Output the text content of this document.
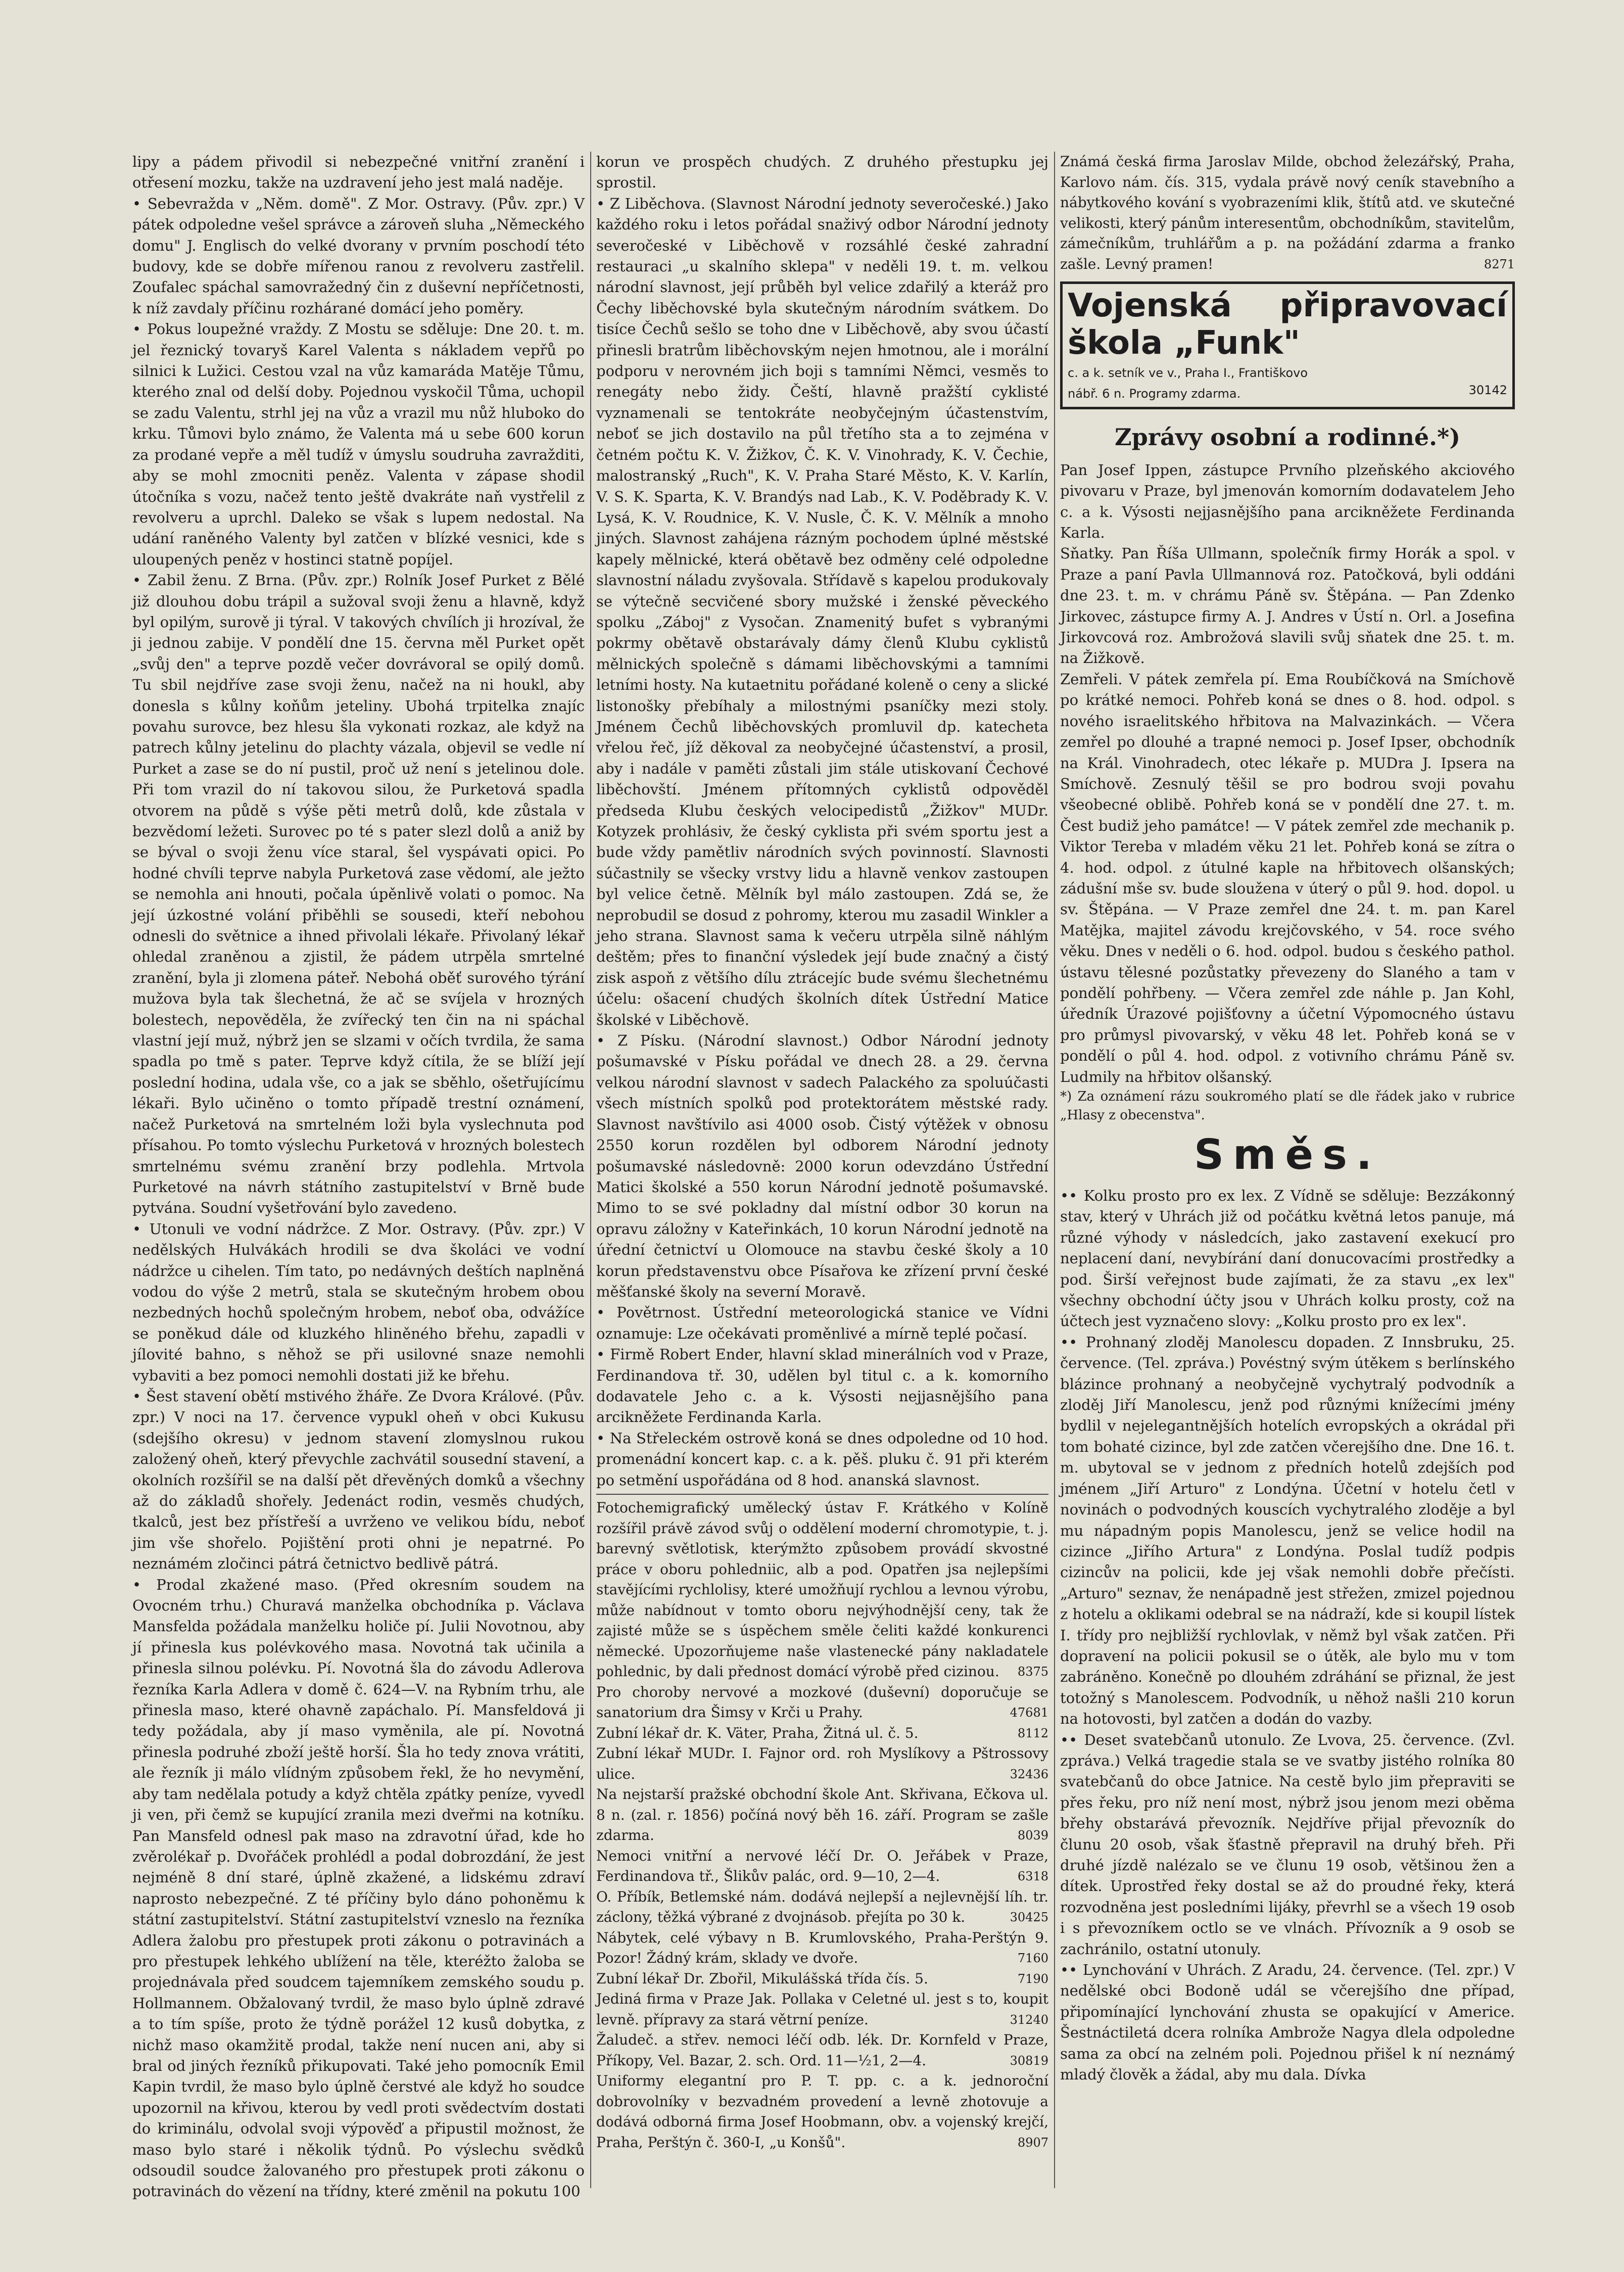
lipy a pádem přivodil si nebezpečné vnitřní zranění i otřesení mozku, takže na uzdravení jeho jest malá naděje.

• Sebevražda v „Něm. domě". Z Mor. Ostravy. (Pův. zpr.) V pátek odpoledne vešel správce a zároveň sluha „Německého domu" J. Englisch do velké dvorany v prvním poschodí této budovy, kde se dobře mířenou ranou z revolveru zastřelil. Zoufalec spáchal samovražedný čin z duševní nepříčetnosti, k níž zavdaly příčinu rozhárané domácí jeho poměry.

• Pokus loupežné vraždy. Z Mostu se sděluje: Dne 20. t. m. jel řeznický tovaryš Karel Valenta s nákladem vepřů po silnici k Lužici. Cestou vzal na vůz kamaráda Matěje Tůmu, kterého znal od delší doby. Pojednou vyskočil Tůma, uchopil se zadu Valentu, strhl jej na vůz a vrazil mu nůž hluboko do krku. Tůmovi bylo známo, že Valenta má u sebe 600 korun za prodané vepře a měl tudíž v úmyslu soudruha zavražditi, aby se mohl zmocniti peněz. Valenta v zápase shodil útočníka s vozu, načež tento ještě dvakráte naň vystřelil z revolveru a uprchl. Daleko se však s lupem nedostal. Na udání raněného Valenty byl zatčen v blízké vesnici, kde s uloupených peněz v hostinci statně popíjel.

• Zabil ženu. Z Brna. (Pův. zpr.) Rolník Josef Purket z Bělé již dlouhou dobu trápil a sužoval svoji ženu a hlavně, když byl opilým, surově ji týral. V takových chvílích ji hrozíval, že ji jednou zabije. V pondělí dne 15. června měl Purket opět „svůj den" a teprve pozdě večer dovrávoral se opilý domů. Tu sbil nejdříve zase svoji ženu, načež na ni houkl, aby donesla s kůlny koňům jeteliny. Ubohá trpitelka znajíc povahu surovce, bez hlesu šla vykonati rozkaz, ale když na patrech kůlny jetelinu do plachty vázala, objevil se vedle ní Purket a zase se do ní pustil, proč už není s jetelinou dole. Při tom vrazil do ní takovou silou, že Purketová spadla otvorem na půdě s výše pěti metrů dolů, kde zůstala v bezvědomí ležeti. Surovec po té s pater slezl dolů a aniž by se býval o svoji ženu více staral, šel vyspávati opici. Po hodné chvíli teprve nabyla Purketová zase vědomí, ale ježto se nemohla ani hnouti, počala úpěnlivě volati o pomoc. Na její úzkostné volání přiběhli se sousedi, kteří nebohou odnesli do světnice a ihned přivolali lékaře. Přivolaný lékař ohledal zraněnou a zjistil, že pádem utrpěla smrtelné zranění, byla ji zlomena páteř. Nebohá oběť surového týrání mužova byla tak šlechetná, že ač se svíjela v hrozných bolestech, nepověděla, že zvířecký ten čin na ni spáchal vlastní její muž, nýbrž jen se slzami v očích tvrdila, že sama spadla po tmě s pater. Teprve když cítila, že se blíží její poslední hodina, udala vše, co a jak se sběhlo, ošetřujícímu lékaři. Bylo učiněno o tomto případě trestní oznámení, načež Purketová na smrtelném loži byla vyslechnuta pod přísahou. Po tomto výslechu Purketová v hrozných bolestech smrtelnému svému zranění brzy podlehla. Mrtvola Purketové na návrh státního zastupitelství v Brně bude pytvána. Soudní vyšetřování bylo zavedeno.

• Utonuli ve vodní nádržce. Z Mor. Ostravy. (Pův. zpr.) V nedělských Hulvákách hrodili se dva školáci ve vodní nádržce u cihelen. Tím tato, po nedávných deštích naplněná vodou do výše 2 metrů, stala se skutečným hrobem obou nezbedných hochů společným hrobem, neboť oba, odvážíce se poněkud dále od kluzkého hliněného břehu, zapadli v jílovité bahno, s něhož se při usilovné snaze nemohli vybaviti a bez pomoci nemohli dostati již ke břehu.

• Šest stavení obětí mstivého žháře. Ze Dvora Králové. (Pův. zpr.) V noci na 17. července vypukl oheň v obci Kukusu (sdejšího okresu) v jednom stavení zlomyslnou rukou založený oheň, který převychle zachvátil sousední stavení, a okolních rozšířil se na další pět dřevěných domků a všechny až do základů shořely. Jedenáct rodin, vesměs chudých, tkalců, jest bez přístřeší a uvrženo ve velikou bídu, neboť jim vše shořelo. Pojištění proti ohni je nepatrné. Po neznámém zločinci pátrá četnictvo bedlivě pátrá.

• Prodal zkažené maso. (Před okresním soudem na Ovocném trhu.) Churavá manželka obchodníka p. Václava Mansfelda požádala manželku holiče pí. Julii Novotnou, aby jí přinesla kus polévkového masa. Novotná tak učinila a přinesla silnou polévku. Pí. Novotná šla do závodu Adlerova řezníka Karla Adlera v domě č. 624—V. na Rybním trhu, ale přinesla maso, které ohavně zapáchalo. Pí. Mansfeldová ji tedy požádala, aby jí maso vyměnila, ale pí. Novotná přinesla podruhé zboží ještě horší. Šla ho tedy znova vrátiti, ale řezník ji málo vlídným způsobem řekl, že ho nevymění, aby tam nedělala potudy a když chtěla zpátky peníze, vyvedl ji ven, při čemž se kupující zranila mezi dveřmi na kotníku. Pan Mansfeld odnesl pak maso na zdravotní úřad, kde ho zvěrolékař p. Dvořáček prohlédl a podal dobrozdání, že jest nejméně 8 dní staré, úplně zkažené, a lidskému zdraví naprosto nebezpečné. Z té příčiny bylo dáno pohoněmu k státní zastupitelství. Státní zastupitelství vzneslo na řezníka Adlera žalobu pro přestupek proti zákonu o potravinách a pro přestupek lehkého ublížení na těle, kteréžto žaloba se projednávala před soudcem tajemníkem zemského soudu p. Hollmannem. Obžalovaný tvrdil, že maso bylo úplně zdravé a to tím spíše, proto že týdně porážel 12 kusů dobytka, z nichž maso okamžitě prodal, takže není nucen ani, aby si bral od jiných řezníků přikupovati. Také jeho pomocník Emil Kapin tvrdil, že maso bylo úplně čerstvé ale když ho soudce upozornil na křivou, kterou by vedl proti svědectvím dostati do kriminálu, odvolal svoji výpověď a připustil možnost, že maso bylo staré i několik týdnů. Po výslechu svědků odsoudil soudce žalovaného pro přestupek proti zákonu o potravinách do vězení na třídny, které změnil na pokutu 100

korun ve prospěch chudých. Z druhého přestupku jej sprostil.

• Z Liběchova. (Slavnost Národní jednoty severočeské.) Jako každého roku i letos pořádal snaživý odbor Národní jednoty severočeské v Liběchově v rozsáhlé české zahradní restauraci „u skalního sklepa" v neděli 19. t. m. velkou národní slavnost, její průběh byl velice zdařilý a kteráž pro Čechy liběchovské byla skutečným národním svátkem. Do tisíce Čechů sešlo se toho dne v Liběchově, aby svou účastí přinesli bratrům liběchovským nejen hmotnou, ale i morální podporu v nerovném jich boji s tamními Němci, vesměs to renegáty nebo židy. Čeští, hlavně pražští cyklisté vyznamenali se tentokráte neobyčejným účastenstvím, neboť se jich dostavilo na půl třetího sta a to zejména v četném počtu K. V. Žižkov, Č. K. V. Vinohrady, K. V. Čechie, malostranský „Ruch", K. V. Praha Staré Město, K. V. Karlín, V. S. K. Sparta, K. V. Brandýs nad Lab., K. V. Poděbrady K. V. Lysá, K. V. Roudnice, K. V. Nusle, Č. K. V. Mělník a mnoho jiných. Slavnost zahájena rázným pochodem úplné městské kapely mělnické, která obětavě bez odměny celé odpoledne slavnostní náladu zvyšovala. Střídavě s kapelou produkovaly se výtečně secvičené sbory mužské i ženské pěveckého spolku „Záboj" z Vysočan. Znamenitý bufet s vybranými pokrmy obětavě obstarávaly dámy členů Klubu cyklistů mělnických společně s dámami liběchovskými a tamními letními hosty. Na kutaetnitu pořádané koleně o ceny a slické listonošky přebíhaly a milostnými psaníčky mezi stoly. Jménem Čechů liběchovských promluvil dp. katecheta vřelou řeč, jíž děkoval za neobyčejné účastenství, a prosil, aby i nadále v paměti zůstali jim stále utiskovaní Čechové liběchovští. Jménem přítomných cyklistů odpověděl předseda Klubu českých velocipedistů „Žižkov" MUDr. Kotyzek prohlásiv, že český cyklista při svém sportu jest a bude vždy pamětliv národních svých povinností. Slavnosti súčastnily se všecky vrstvy lidu a hlavně venkov zastoupen byl velice četně. Mělník byl málo zastoupen. Zdá se, že neprobudil se dosud z pohromy, kterou mu zasadil Winkler a jeho strana. Slavnost sama k večeru utrpěla silně náhlým deštěm; přes to finanční výsledek její bude značný a čistý zisk aspoň z většího dílu ztrácejíc bude svému šlechetnému účelu: ošacení chudých školních dítek Ústřední Matice školské v Liběchově.

• Z Písku. (Národní slavnost.) Odbor Národní jednoty pošumavské v Písku pořádal ve dnech 28. a 29. června velkou národní slavnost v sadech Palackého za spoluúčasti všech místních spolků pod protektorátem městské rady. Slavnost navštívilo asi 4000 osob. Čistý výtěžek v obnosu 2550 korun rozdělen byl odborem Národní jednoty pošumavské následovně: 2000 korun odevzdáno Ústřední Matici školské a 550 korun Národní jednotě pošumavské. Mimo to se své pokladny dal místní odbor 30 korun na opravu záložny v Kateřinkách, 10 korun Národní jednotě na úřední četnictví u Olomouce na stavbu české školy a 10 korun představenstvu obce Písařova ke zřízení první české měšťanské školy na severní Moravě.

• Povětrnost. Ústřední meteorologická stanice ve Vídni oznamuje: Lze očekávati proměnlivé a mírně teplé počasí.

• Firmě Robert Ender, hlavní sklad minerálních vod v Praze, Ferdinandova tř. 30, udělen byl titul c. a k. komorního dodavatele Jeho c. a k. Výsosti nejjasnějšího pana arcikněžete Ferdinanda Karla.

• Na Střeleckém ostrově koná se dnes odpoledne od 10 hod. promenádní koncert kap. c. a k. pěš. pluku č. 91 při kterém po setmění uspořádána od 8 hod. ananská slavnost.

Fotochemigrafický umělecký ústav F. Krátkého v Kolíně rozšířil právě závod svůj o oddělení moderní chromotypie, t. j. barevný světlotisk, kterýmžto způsobem provádí skvostné práce v oboru pohledniic, alb a pod. Opatřen jsa nejlepšími stavějícími rychlolisy, které umožňují rychlou a levnou výrobu, může nabídnout v tomto oboru nejvýhodnější ceny, tak že zajisté může se s úspěchem směle čeliti každé konkurenci německé. Upozorňujeme naše vlastenecké pány nakladatele pohlednic, by dali přednost domácí výrobě před cizinou. 8375
Pro choroby nervové a mozkové (duševní) doporučuje se sanatorium dra Šimsy v Krči u Prahy.	47681
Zubní lékař dr. K. Väter, Praha, Žitná ul. č. 5.	8112
Zubní lékař MUDr. I. Fajnor ord. roh Myslíkovy a Pštrossovy ulice.	32436
Na nejstarší pražské obchodní škole Ant. Skřivana, Ečkova ul. 8 n. (zal. r. 1856) počíná nový běh 16. září. Program se zašle zdarma.	8039
Nemoci vnitřní a nervové léčí Dr. O. Jeřábek v Praze, Ferdinandova tř., Šlikův palác, ord. 9—10, 2—4.	6318
O. Příbík, Betlemské nám. dodává nejlepší a nejlevnější líh. tr. záclony, těžká výbrané z dvojnásob. přejíta po 30 k.	30425
Nábytek, celé výbavy n B. Krumlovského, Praha-Perštýn 9. Pozor! Žádný krám, sklady ve dvoře.	7160
Zubní lékař Dr. Zbořil, Mikulášská třída čís. 5.	7190
Jediná firma v Praze Jak. Pollaka v Celetné ul. jest s to, koupit levně. přípravy za stará větrní peníze.	31240
Žaludeč. a střev. nemoci léčí odb. lék. Dr. Kornfeld v Praze, Příkopy, Vel. Bazar, 2. sch. Ord. 11—½1, 2—4.	30819
Uniformy elegantní pro P. T. pp. c. a k. jednoroční dobrovolníky v bezvadném provedení a levně zhotovuje a dodává odborná firma Josef Hoobmann, obv. a vojenský krejčí, Praha, Perštýn č. 360-I, „u Konšů".	8907
Známá česká firma Jaroslav Milde, obchod železářský, Praha, Karlovo nám. čís. 315, vydala právě nový ceník stavebního a nábytkového kování s vyobrazeními klik, štítů atd. ve skutečné velikosti, který pánům interesentům, obchodníkům, stavitelům, zámečníkům, truhlářům a p. na požádání zdarma a franko zašle. Levný pramen!	8271
Vojenská připravovací škola „Funk"
c. a k. setník ve v., Praha I., Františkovo
nábř. 6 n. Programy zdarma.	30142
Zprávy osobní a rodinné.*)

Pan Josef Ippen, zástupce Prvního plzeňského akciového pivovaru v Praze, byl jmenován komorním dodavatelem Jeho c. a k. Výsosti nejjasnějšího pana arcikněžete Ferdinanda Karla.

Sňatky. Pan Říša Ullmann, společník firmy Horák a spol. v Praze a paní Pavla Ullmannová roz. Patočková, byli oddáni dne 23. t. m. v chrámu Páně sv. Štěpána. — Pan Zdenko Jirkovec, zástupce firmy A. J. Andres v Ústí n. Orl. a Josefina Jirkovcová roz. Ambrožová slavili svůj sňatek dne 25. t. m. na Žižkově.

Zemřeli. V pátek zemřela pí. Ema Roubíčková na Smíchově po krátké nemoci. Pohřeb koná se dnes o 8. hod. odpol. s nového israelitského hřbitova na Malvazinkách. — Včera zemřel po dlouhé a trapné nemoci p. Josef Ipser, obchodník na Král. Vinohradech, otec lékaře p. MUDra J. Ipsera na Smíchově. Zesnulý těšil se pro bodrou svoji povahu všeobecné oblibě. Pohřeb koná se v pondělí dne 27. t. m. Čest budiž jeho památce! — V pátek zemřel zde mechanik p. Viktor Tereba v mladém věku 21 let. Pohřeb koná se zítra o 4. hod. odpol. z útulné kaple na hřbitovech olšanských; zádušní mše sv. bude sloužena v úterý o půl 9. hod. dopol. u sv. Štěpána. — V Praze zemřel dne 24. t. m. pan Karel Matějka, majitel závodu krejčovského, v 54. roce svého věku. Dnes v neděli o 6. hod. odpol. budou s českého pathol. ústavu tělesné pozůstatky převezeny do Slaného a tam v pondělí pohřbeny. — Včera zemřel zde náhle p. Jan Kohl, úředník Úrazové pojišťovny a účetní Výpomocného ústavu pro průmysl pivovarský, v věku 48 let. Pohřeb koná se v pondělí o půl 4. hod. odpol. z votivního chrámu Páně sv. Ludmily na hřbitov olšanský.

*) Za oznámení rázu soukromého platí se dle řádek jako v rubrice „Hlasy z obecenstva".

Směs.

•• Kolku prosto pro ex lex. Z Vídně se sděluje: Bezzákonný stav, který v Uhrách již od počátku květná letos panuje, má různé výhody v následcích, jako zastavení exekucí pro neplacení daní, nevybírání daní donucovacími prostředky a pod. Širší veřejnost bude zajímati, že za stavu „ex lex" všechny obchodní účty jsou v Uhrách kolku prosty, což na účtech jest vyznačeno slovy: „Kolku prosto pro ex lex".

•• Prohnaný zloděj Manolescu dopaden. Z Innsbruku, 25. července. (Tel. zpráva.) Povéstný svým útěkem s berlínského blázince prohnaný a neobyčejně vychytralý podvodník a zloděj Jiří Manolescu, jenž pod různými knížecími jmény bydlil v nejelegantnějších hotelích evropských a okrádal při tom bohaté cizince, byl zde zatčen včerejšího dne. Dne 16. t. m. ubytoval se v jednom z předních hotelů zdejších pod jménem „Jiří Arturo" z Londýna. Účetní v hotelu četl v novinách o podvodných kouscích vychytralého zloděje a byl mu nápadným popis Manolescu, jenž se velice hodil na cizince „Jiřího Artura" z Londýna. Poslal tudíž podpis cizincův na policii, kde jej však nemohli dobře přečísti. „Arturo" seznav, že nenápadně jest střežen, zmizel pojednou z hotelu a oklikami odebral se na nádraží, kde si koupil lístek I. třídy pro nejbližší rychlovlak, v němž byl však zatčen. Při dopravení na policii pokusil se o útěk, ale bylo mu v tom zabráněno. Konečně po dlouhém zdráhání se přiznal, že jest totožný s Manolescem. Podvodník, u něhož našli 210 korun na hotovosti, byl zatčen a dodán do vazby.

•• Deset svatebčanů utonulo. Ze Lvova, 25. července. (Zvl. zpráva.) Velká tragedie stala se ve svatby jistého rolníka 80 svatebčanů do obce Jatnice. Na cestě bylo jim přepraviti se přes řeku, pro níž není most, nýbrž jsou jenom mezi oběma břehy obstarává převozník. Nejdříve přijal převozník do člunu 20 osob, však šťastně přepravil na druhý břeh. Při druhé jízdě nalézalo se ve člunu 19 osob, většinou žen a dítek. Uprostřed řeky dostal se až do proudné řeky, která rozvodněna jest posledními lijáky, převrhl se a všech 19 osob i s převozníkem octlo se ve vlnách. Přívozník a 9 osob se zachránilo, ostatní utonuly.

•• Lynchování v Uhrách. Z Aradu, 24. července. (Tel. zpr.) V nedělské obci Bodoně udál se včerejšího dne případ, připomínající lynchování zhusta se opakující v Americe. Šestnáctiletá dcera rolníka Ambrože Nagya dlela odpoledne sama za obcí na zelném poli. Pojednou přišel k ní neznámý mladý člověk a žádal, aby mu dala. Dívka
